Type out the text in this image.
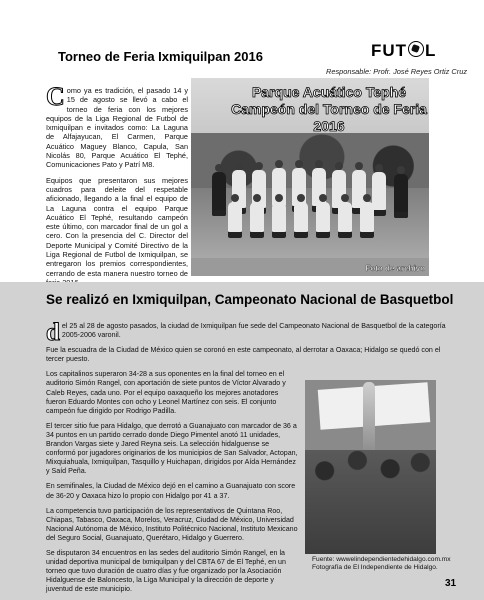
Torneo de Feria Ixmiquilpan 2016	FUT L
Responsable: Profr. José Reyes Ortiz Cruz

Como ya es tradición, el pasado 14 y 15 de agosto se llevó a cabo el torneo de feria con los mejores equipos de la Liga Regional de Futbol de Ixmiquilpan e invitados como: La Laguna de Alfajayucan, El Carmen, Parque Acuático Maguey Blanco, Capula, San Nicolás 80, Parque Acuático El Tephé, Comunicaciones Pato y Patrí M8.

Equipos que presentaron sus mejores cuadros para deleite del respetable aficionado, llegando a la final el equipo de La Laguna contra el equipo Parque Acuático El Tephé, resultando campeón este último, con marcador final de un gol a cero. Con la presencia del C. Director del Deporte Municipal y Comité Directivo de la Liga Regional de Futbol de Ixmiquilpan, se entregaron los premios correspondientes, cerrando de esta manera nuestro torneo de

Parque Acuático Tephé
Campeón del Torneo de Feria 2016
Foto de archivo
Se realizó en Ixmiquilpan, Campeonato Nacional de Basquetbol

del 25 al 28 de agosto pasados, la ciudad de Ixmiquilpan fue sede del Campeonato Nacional de Basquetbol de la categoría 2005-2006 varonil.

Fue la escuadra de la Ciudad de México quien se coronó en este campeonato, al derrotar a Oaxaca; Hidalgo se quedó con el tercer puesto.

Los capitalinos superaron 34-28 a sus oponentes en la final del torneo en el auditorio Simón Rangel, con aportación de siete puntos de Víctor Alvarado y Caleb Reyes, cada uno. Por el equipo oaxaqueño los mejores anotadores fueron Eduardo Montes con ocho y Leonel Martínez con seis. El conjunto campeón fue dirigido por Rodrigo Padilla.

El tercer sitio fue para Hidalgo, que derrotó a Guanajuato con marcador de 36 a 34 puntos en un partido cerrado donde Diego Pimentel anotó 11 unidades, Brandon Vargas siete y Jared Reyna seis. La selección hidalguense se conformó por jugadores originarios de los municipios de San Salvador, Actopan, Mixquiahuala, Ixmiquilpan, Tasquillo y Huichapan, dirigidos por Aída Hernández y Saíd Peña.

En semifinales, la Ciudad de México dejó en el camino a Guanajuato con score de 36-20 y Oaxaca hizo lo propio con Hidalgo por 41 a 37.

La competencia tuvo participación de los representativos de Quintana Roo, Chiapas, Tabasco, Oaxaca, Morelos, Veracruz, Ciudad de México, Universidad Nacional Autónoma de México, Instituto Politécnico Nacional, Instituto Mexicano del Seguro Social, Guanajuato, Querétaro, Hidalgo y Guerrero.

Se disputaron 34 encuentros en las sedes del auditorio Simón Rangel, en la unidad deportiva municipal de Ixmiquilpan y del CBTA 67 de El Tephé, en un torneo que tuvo duración de cuatro días y fue organizado por la Asociación Hidalguense de Baloncesto, la Liga Municipal y la dirección de deporte y juventud de este municipio.

Fuente: wwwelindependientedehidalgo.com.mx
Fotografía de El Independiente de Hidalgo.
31
